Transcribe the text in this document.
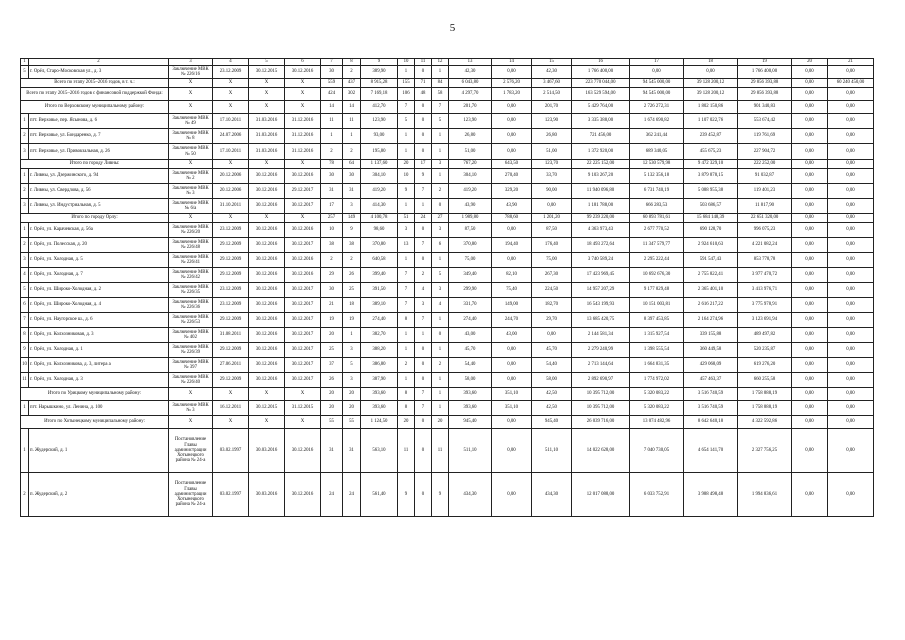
5
1	2	3	4	5	6	7	8	9	10	11	12	13	14	15	16	17	18	19	20	21
5	г. Орёл, Старо-Московская ул., д. 3	Заключение МВК № 226/16	23.12.2009	30.12.2015	30.12.2016	30	2	389,90	1	0	1	42,30	0,00	42,30	1 766 400,00	0,00	0,00	1 766 400,00	0,00	0,00
Всего по этапу 2015–2016 годов, в т. ч.:		X	X	X	X	559	437	8 915,28	155	71	84	6 043,80	2 576,20	3 467,60	223 770 044,00	94 545 000,00	39 128 200,12	29 856 393,88	0,00	60 240 450,00
Всего по этапу 2015–2016 годов с финансовой поддержкой Фонда:		X	X	X	X	424	302	7 169,18	106	48	58	4 297,70	1 783,20	2 514,50	163 529 594,00	94 545 000,00	39 128 200,12	29 856 393,88	0,00	0,00
Итого по Верховскому муниципальному району:		X	X	X	X	14	14	412,70	7	0	7	201,70	0,00	201,70	5 429 764,00	2 726 272,31	1 802 150,86	901 340,83	0,00	0,00
1	пгт. Верховье, пер. Ясынова, д. 6	Заключение МВК № 49	17.10.2011	31.03.2016	31.12.2016	11	11	123,90	5	0	5	123,90	0,00	123,90	3 335 388,00	1 674 690,82	1 107 022,76	553 674,42	0,00	0,00
2	пгт. Верховье, ул. Бондаренко, д. 7	Заключение МВК № 8	24.07.2006	31.03.2016	31.12.2016	1	1	93,00	1	0	1	26,80	0,00	26,80	721 456,00	362 241,44	239 452,87	119 761,69	0,00	0,00
3	пгт. Верховье, ул. Привокзальная, д. 26	Заключение МВК № 50	17.10.2011	31.03.2016	31.12.2016	2	2	195,80	1	0	1	51,00	0,00	51,00	1 372 920,00	689 340,05	455 675,23	227 904,72	0,00	0,00
Итого по городу Ливны:		X	X	X	X	78	64	1 137,60	20	17	3	767,20	643,50	123,70	22 225 152,00	12 530 579,98	9 472 329,10	222 252,00	0,00	0,00
1	г. Ливны, ул. Дзержинского, д. 94	Заключение МВК № 2	20.12.2006	30.12.2016	30.12.2016	30	30	304,10	10	9	1	304,10	270,40	33,70	9 103 267,20	5 132 356,18	3 879 878,15	91 032,87	0,00	0,00
2	г. Ливны, ул. Свердлова, д. 56	Заключение МВК № 3	20.12.2006	30.12.2016	29.12.2017	31	31	419,20	9	7	2	419,20	329,20	90,00	11 940 096,80	6 731 740,19	5 088 955,38	119 401,23	0,00	0,00
3	г. Ливны, ул. Индустриальная, д. 5	Заключение МВК № 6/а	31.10.2011	30.12.2016	30.12.2017	17	3	414,30	1	1	0	43,90	43,90	0,00	1 181 788,00	666 283,53	503 686,57	11 817,90	0,00	0,00
Итого по городу Орлу:		X	X	X	X	257	149	4 100,78	51	24	27	1 989,80	788,60	1 201,20	99 239 220,00	60 893 781,61	15 684 148,39	22 651 320,00	0,00	0,00
1	г. Орёл, ул. Карачевская, д. 56а	Заключение МВК № 226/20	23.12.2009	30.12.2016	30.12.2016	10	9	98,60	3	0	3	87,50	0,00	87,50	4 363 973,43	2 677 770,52	690 128,70	996 075,23	0,00	0,00
2	г. Орёл, ул. Полесская, д. 20	Заключение МВК № 226/48	29.12.2009	30.12.2016	30.12.2017	38	38	370,80	13	7	6	370,80	194,40	176,40	18 493 272,64	11 347 579,77	2 924 610,63	4 221 082,24	0,00	0,00
3	г. Орёл, ул. Холодная, д. 5	Заключение МВК № 226/41	29.12.2009	30.12.2016	30.12.2016	2	2	640,58	1	0	1	75,00	0,00	75,00	3 740 589,24	2 295 222,44	591 547,43	853 778,78	0,00	0,00
4	г. Орёл, ул. Холодная, д. 7	Заключение МВК № 226/42	29.12.2009	30.12.2016	30.12.2016	29	26	399,40	7	2	5	349,40	82,10	267,30	17 423 969,45	10 692 676,30	2 755 822,41	3 977 470,72	0,00	0,00
5	г. Орёл, ул. Широко-Холодная, д. 2	Заключение МВК № 226/35	23.12.2009	30.12.2016	30.12.2017	30	25	391,50	7	4	3	299,90	75,40	224,50	14 957 207,29	9 177 829,48	2 365 401,10	3 413 976,71	0,00	0,00
6	г. Орёл, ул. Широко-Холодная, д. 4	Заключение МВК № 226/36	23.12.2009	30.12.2016	30.12.2017	21	18	389,10	7	3	4	331,70	149,00	182,70	16 543 199,93	10 151 003,81	2 616 217,22	3 775 978,91	0,00	0,00
7	г. Орёл, ул. Наугорское ш., д. 6	Заключение МВК № 226/53	29.12.2009	30.12.2016	30.12.2017	19	19	274,40	8	7	1	274,40	244,70	29,70	13 685 420,75	8 397 453,85	2 164 274,96	3 123 691,94	0,00	0,00
8	г. Орёл, ул. Колхозниковая, д. 3	Заключение МВК № 402	31.08.2011	30.12.2016	30.12.2017	20	1	382,70	1	1	0	43,00	43,00	0,00	2 144 581,34	1 315 927,54	339 155,88	489 497,82	0,00	0,00
9	г. Орёл, ул. Холодная, д. 1	Заключение МВК № 226/39	29.12.2009	30.12.2016	30.12.2017	25	3	388,20	1	0	1	45,70	0,00	45,70	2 279 240,99	1 398 555,54	360 449,58	520 235,87	0,00	0,00
10	г. Орёл, ул. Колхозникова, д. 3, литера а	Заключение МВК № 397	27.06.2011	30.12.2016	30.12.2017	37	5	386,80	2	0	2	54,40	0,00	54,40	2 713 144,64	1 664 831,35	429 068,09	619 276,20	0,00	0,00
11	г. Орёл, ул. Холодная, д. 3	Заключение МВК № 226/40	29.12.2009	30.12.2016	30.12.2017	26	3	387,90	1	0	1	58,00	0,00	58,00	2 892 690,97	1 774 972,02	457 463,37	660 255,58	0,00	0,00
Итого по Урицкому муниципальному району:		X	X	X	X	20	20	393,60	8	7	1	393,60	351,10	42,50	10 395 712,00	5 320 083,22	3 516 740,59	1 758 888,19	0,00	0,00
1	пгт. Нарышкино, ул. Ленина, д. 100	Заключение МВК № 3	16.12.2011	30.12.2015	31.12.2015	20	20	393,60	8	7	1	393,60	351,10	42,50	10 395 712,00	5 320 083,22	3 516 740,59	1 758 888,19	0,00	0,00
Итого по Хотынецкому муниципальному району:		X	X	X	X	55	55	1 124,50	20	0	20	945,40	0,00	945,40	26 039 716,00	13 074 482,96	8 642 640,18	4 322 592,86	0,00	0,00
1	п. Жудерский, д. 1	Постановление Главы администрации Хотынецкого района № 24-а	03.02.1997	30.03.2016	30.12.2016	31	31	563,10	11	0	11	511,10	0,00	511,10	14 022 628,00	7 040 730,05	4 654 141,70	2 327 756,25	0,00	0,00
2	п. Жудерский, д. 2	Постановление Главы администрации Хотынецкого района № 24-а	03.02.1997	30.03.2016	30.12.2016	24	24	561,40	9	0	9	434,30	0,00	434,30	12 017 088,00	6 033 752,91	3 988 498,48	1 994 836,61	0,00	0,00
